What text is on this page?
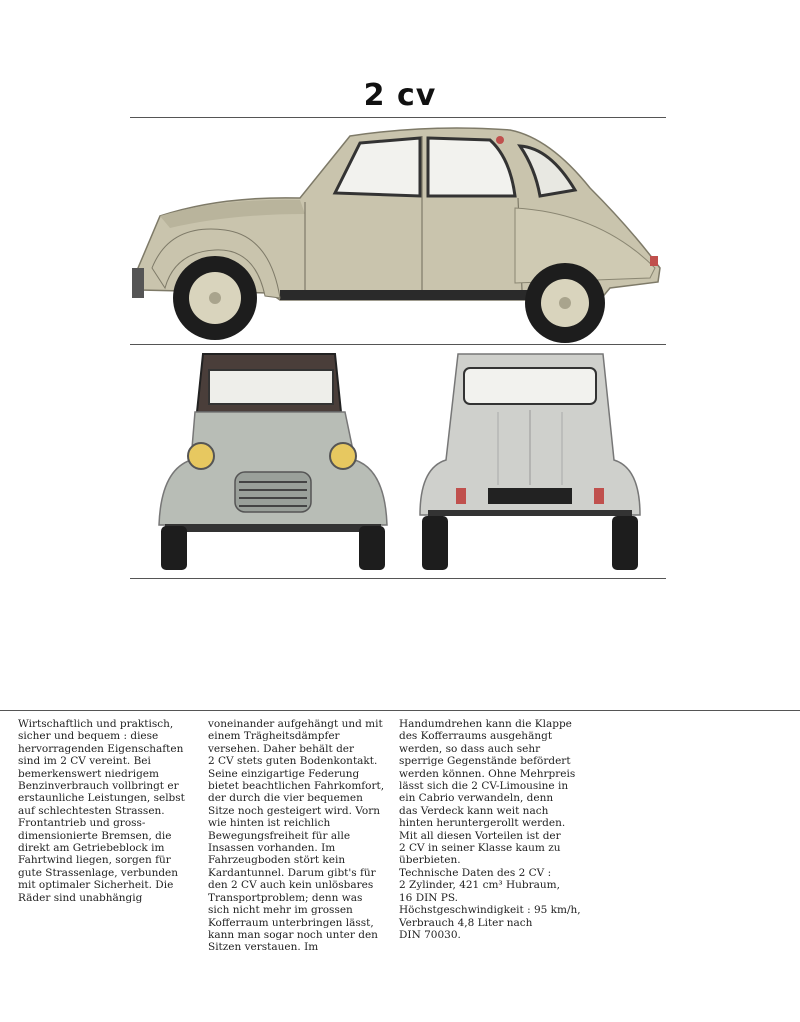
2 cv

Wirtschaftlich und praktisch,
sicher und bequem : diese
hervorragenden Eigenschaften
sind im 2 CV vereint. Bei
bemerkenswert niedrigem
Benzinverbrauch vollbringt er
erstaunliche Leistungen, selbst
auf schlechtesten Strassen.
Frontantrieb und gross-
dimensionierte Bremsen, die
direkt am Getriebeblock im
Fahrtwind liegen, sorgen für
gute Strassenlage, verbunden
mit optimaler Sicherheit. Die
Räder sind unabhängig

voneinander aufgehängt und mit
einem Trägheitsdämpfer
versehen. Daher behält der
2 CV stets guten Bodenkontakt.
Seine einzigartige Federung
bietet beachtlichen Fahrkomfort,
der durch die vier bequemen
Sitze noch gesteigert wird. Vorn
wie hinten ist reichlich
Bewegungsfreiheit für alle
Insassen vorhanden. Im
Fahrzeugboden stört kein
Kardantunnel. Darum gibt's für
den 2 CV auch kein unlösbares
Transportproblem; denn was
sich nicht mehr im grossen
Kofferraum unterbringen lässt,
kann man sogar noch unter den
Sitzen verstauen. Im

Handumdrehen kann die Klappe
des Kofferraums ausgehängt
werden, so dass auch sehr
sperrige Gegenstände befördert
werden können. Ohne Mehrpreis
lässt sich die 2 CV-Limousine in
ein Cabrio verwandeln, denn
das Verdeck kann weit nach
hinten heruntergerollt werden.
Mit all diesen Vorteilen ist der
2 CV in seiner Klasse kaum zu
überbieten.
Technische Daten des 2 CV :
2 Zylinder, 421 cm³ Hubraum,
16 DIN PS.
Höchstgeschwindigkeit : 95 km/h,
Verbrauch 4,8 Liter nach
DIN 70030.
